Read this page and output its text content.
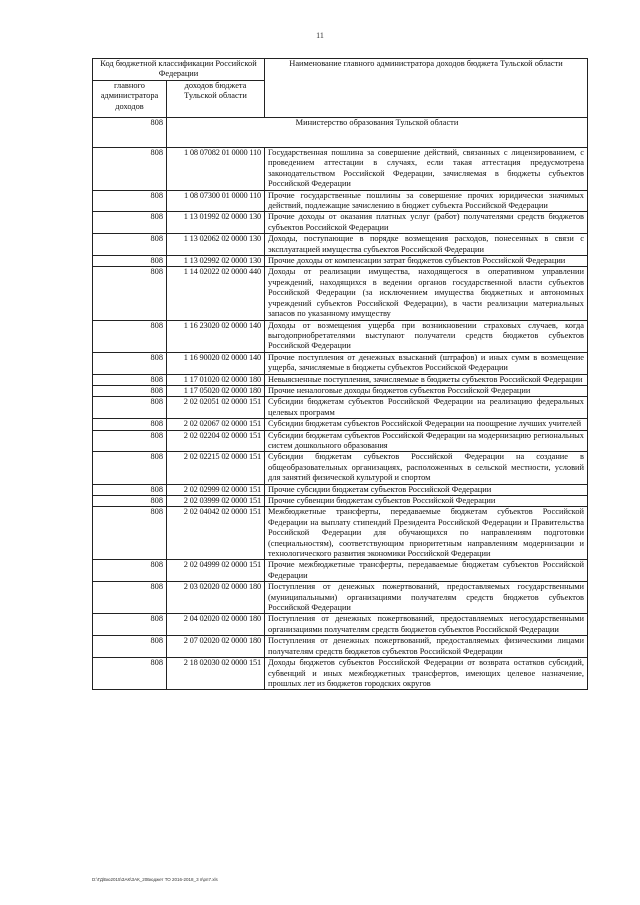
11
Код бюджетной классификации Российской Федерации		Наименование главного администратора доходов бюджета Тульской области
главного администратора доходов	доходов бюджета Тульской области	
808	Министерство образования Тульской области	
808	1 08 07082 01 0000 110	Государственная пошлина за совершение действий, связанных с лицензированием, с проведением аттестации в случаях, если такая аттестация предусмотрена законодательством Российской Федерации, зачисляемая в бюджеты субъектов Российской Федерации
808	1 08 07300 01 0000 110	Прочие государственные пошлины за совершение прочих юридически значимых действий, подлежащие зачислению в бюджет субъекта Российской Федерации
808	1 13 01992 02 0000 130	Прочие доходы от оказания платных услуг (работ) получателями средств бюджетов субъектов Российской Федерации
808	1 13 02062 02 0000 130	Доходы, поступающие в порядке возмещения расходов, понесенных в связи с эксплуатацией имущества субъектов Российской Федерации
808	1 13 02992 02 0000 130	Прочие доходы от компенсации затрат бюджетов субъектов Российской Федерации
808	1 14 02022 02 0000 440	Доходы от реализации имущества, находящегося в оперативном управлении учреждений, находящихся в ведении органов государственной власти субъектов Российской Федерации (за исключением имущества бюджетных и автономных учреждений субъектов Российской Федерации), в части реализации материальных запасов по указанному имуществу
808	1 16 23020 02 0000 140	Доходы от возмещения ущерба при возникновении страховых случаев, когда выгодоприобретателями выступают получатели средств бюджетов субъектов Российской Федерации
808	1 16 90020 02 0000 140	Прочие поступления от денежных взысканий (штрафов) и иных сумм в возмещение ущерба, зачисляемые в бюджеты субъектов Российской Федерации
808	1 17 01020 02 0000 180	Невыясненные поступления, зачисляемые в бюджеты субъектов Российской Федерации
808	1 17 05020 02 0000 180	Прочие неналоговые доходы бюджетов субъектов Российской Федерации
808	2 02 02051 02 0000 151	Субсидии бюджетам субъектов Российской Федерации на реализацию федеральных целевых программ
808	2 02 02067 02 0000 151	Субсидии бюджетам субъектов Российской Федерации на поощрение лучших учителей
808	2 02 02204 02 0000 151	Субсидии бюджетам субъектов Российской Федерации на модернизацию региональных систем дошкольного образования
808	2 02 02215 02 0000 151	Субсидии бюджетам субъектов Российской Федерации на создание в общеобразовательных организациях, расположенных в сельской местности, условий для занятий физической культурой и спортом
808	2 02 02999 02 0000 151	Прочие субсидии бюджетам субъектов Российской Федерации
808	2 02 03999 02 0000 151	Прочие субвенции бюджетам субъектов Российской Федерации
808	2 02 04042 02 0000 151	Межбюджетные трансферты, передаваемые бюджетам субъектов Российской Федерации на выплату стипендий Президента Российской Федерации и Правительства Российской Федерации для обучающихся по направлениям подготовки (специальностям), соответствующим приоритетным направлениям модернизации и технологического развития экономики Российской Федерации
808	2 02 04999 02 0000 151	Прочие межбюджетные трансферты, передаваемые бюджетам субъектов Российской Федерации
808	2 03 02020 02 0000 180	Поступления от денежных пожертвований, предоставляемых государственными (муниципальными) организациями получателям средств бюджетов субъектов Российской Федерации
808	2 04 02020 02 0000 180	Поступления от денежных пожертвований, предоставляемых негосударственными организациями получателям средств бюджетов субъектов Российской Федерации
808	2 07 02020 02 0000 180	Поступления от денежных пожертвований, предоставляемых физическими лицами получателям средств бюджетов субъектов Российской Федерации
808	2 18 02030 02 0000 151	Доходы бюджетов субъектов Российской Федерации от возврата остатков субсидий, субвенций и иных межбюджетных трансфертов, имеющих целевое назначение, прошлых лет из бюджетов городских округов
D:\ГД\Бю2015\ЗАК\ЗАК_20Бюджет ТО 2016-2018_3 п\рп7.xls
